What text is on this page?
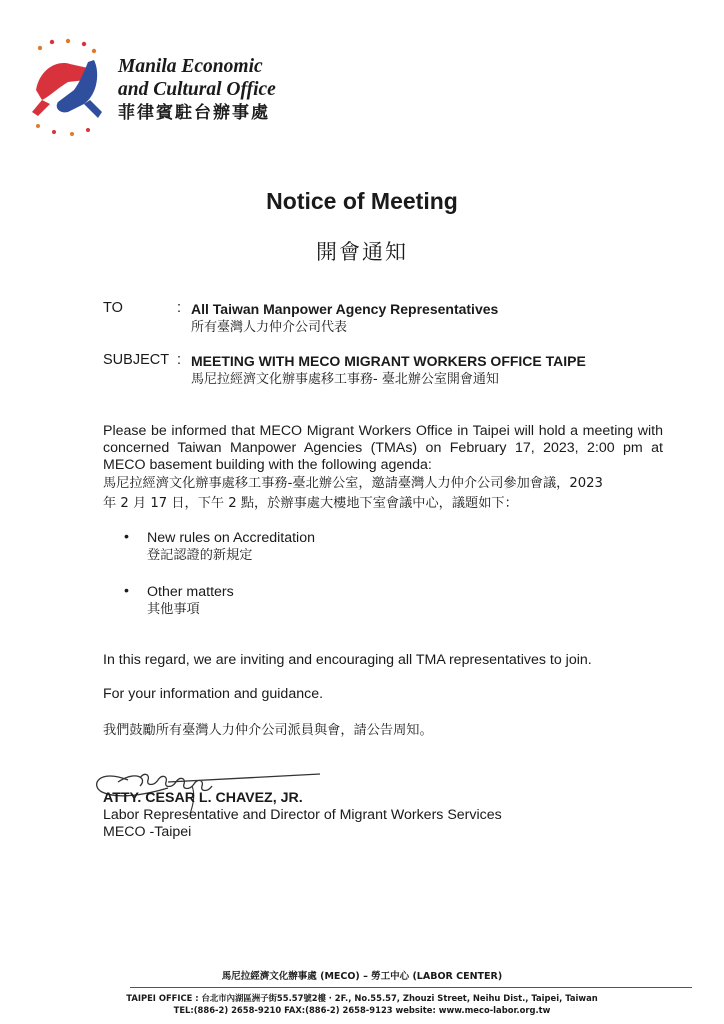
Manila Economic
and Cultural Office
菲律賓駐台辦事處
Notice of Meeting
開會通知
TO	: All Taiwan Manpower Agency Representatives
所有臺灣人力仲介公司代表
SUBJECT : MEETING WITH MECO MIGRANT WORKERS OFFICE TAIPE
馬尼拉經濟文化辦事處移工事務- 臺北辦公室開會通知
Please be informed that MECO Migrant Workers Office in Taipei will hold a meeting with
concerned Taiwan Manpower Agencies (TMAs) on February 17, 2023, 2:00 pm at
MECO basement building with the following agenda:
馬尼拉經濟文化辦事處移工事務-臺北辦公室，邀請臺灣人力仲介公司參加會議，2023
年 2 月 17 日，下午 2 點，於辦事處大樓地下室會議中心，議題如下：
• New rules on Accreditation
登記認證的新規定
• Other matters
其他事項
In this regard, we are inviting and encouraging all TMA representatives to join.
For your information and guidance.
我們鼓勵所有臺灣人力仲介公司派員與會，請公告周知。
ATTY. CESAR L. CHAVEZ, JR.
Labor Representative and Director of Migrant Workers Services
MECO -Taipei
馬尼拉經濟文化辦事處 (MECO) – 勞工中心 (LABOR CENTER)
TAIPEI OFFICE : 台北市內湖區洲子街55.57號2樓 ‧ 2F., No.55.57, Zhouzi Street, Neihu Dist., Taipei, Taiwan
TEL:(886-2) 2658-9210 FAX:(886-2) 2658-9123 website: www.meco-labor.org.tw
